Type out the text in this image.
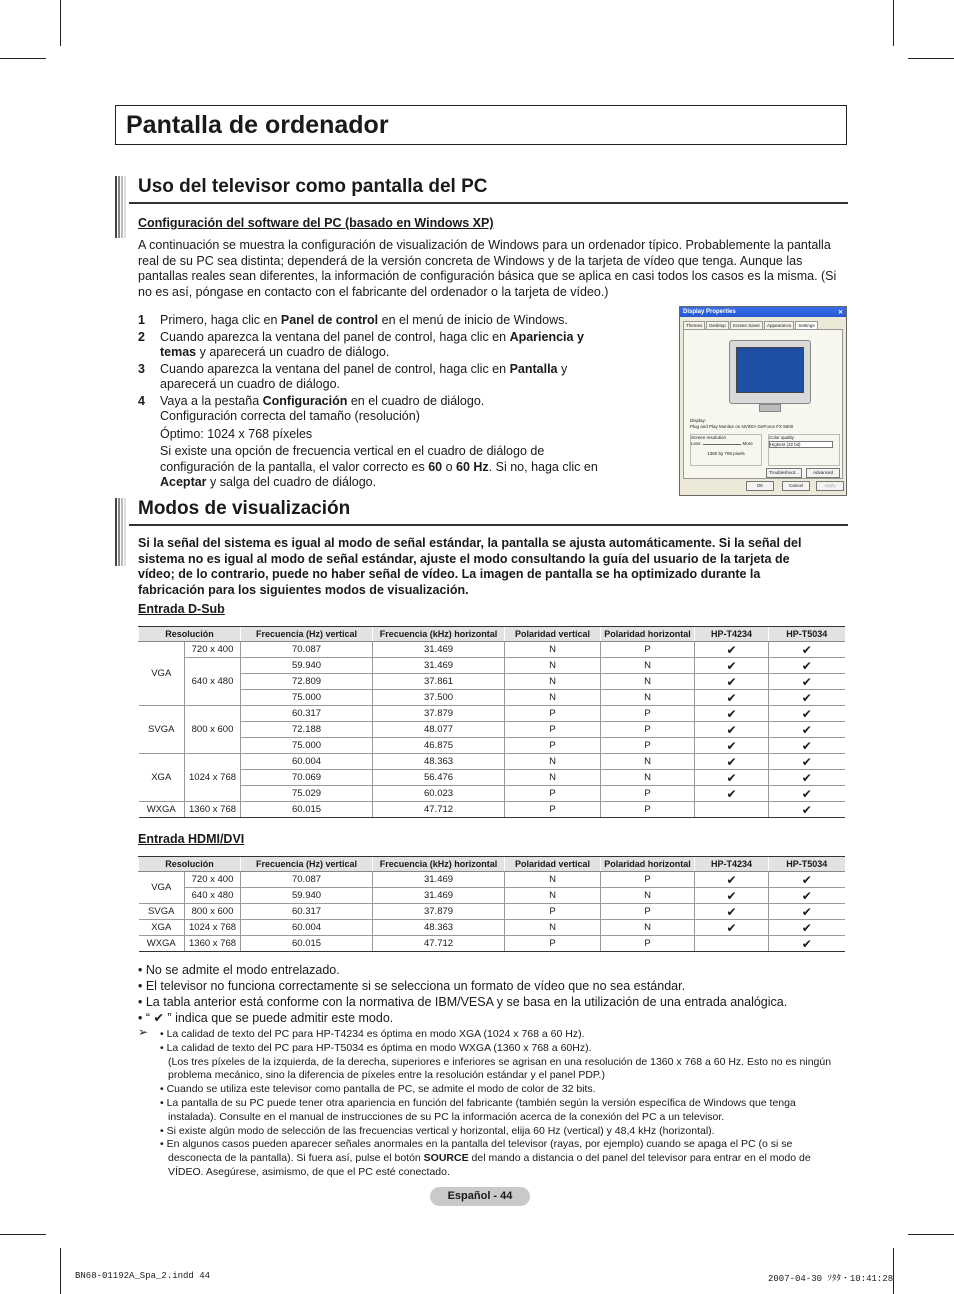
Pantalla de ordenador
Uso del televisor como pantalla del PC
Configuración del software del PC (basado en Windows XP)
A continuación se muestra la configuración de visualización de Windows para un ordenador típico. Probablemente la pantalla real de su PC sea distinta; dependerá de la versión concreta de Windows y de la tarjeta de vídeo que tenga. Aunque las pantallas reales sean diferentes, la información de configuración básica que se aplica en casi todos los casos es la misma. (Si no es así, póngase en contacto con el fabricante del ordenador o la tarjeta de vídeo.)
1 Primero, haga clic en Panel de control en el menú de inicio de Windows.
2 Cuando aparezca la ventana del panel de control, haga clic en Apariencia y temas y aparecerá un cuadro de diálogo.
3 Cuando aparezca la ventana del panel de control, haga clic en Pantalla y aparecerá un cuadro de diálogo.
4 Vaya a la pestaña Configuración en el cuadro de diálogo.
Configuración correcta del tamaño (resolución)
Óptimo: 1024 x 768 píxeles
Si existe una opción de frecuencia vertical en el cuadro de diálogo de configuración de la pantalla, el valor correcto es 60 o 60 Hz. Si no, haga clic en Aceptar y salga del cuadro de diálogo.
Display Properties	✕
Themes Desktop Screen Saver Appearance Settings
Display:
Plug and Play Monitor on NVIDIA GeForce FX 5600
Screen resolution
Less	More
1360 by 768 pixels
Color quality
Highest (32 bit)
Troubleshoot...	Advanced
OK	Cancel	Apply
Modos de visualización
Si la señal del sistema es igual al modo de señal estándar, la pantalla se ajusta automáticamente. Si la señal del sistema no es igual al modo de señal estándar, ajuste el modo consultando la guía del usuario de la tarjeta de vídeo; de lo contrario, puede no haber señal de vídeo. La imagen de pantalla se ha optimizado durante la fabricación para los siguientes modos de visualización.
Entrada D-Sub
Resolución		Frecuencia (Hz) vertical	Frecuencia (kHz) horizontal	Polaridad vertical	Polaridad horizontal	HP-T4234	HP-T5034
VGA	720 x 400	70.087	31.469	N	P	✔	✔
	640 x 480	59.940	31.469	N	N	✔	✔
		72.809	37.861	N	N	✔	✔
		75.000	37.500	N	N	✔	✔
SVGA	800 x 600	60.317	37.879	P	P	✔	✔
		72.188	48.077	P	P	✔	✔
		75.000	46.875	P	P	✔	✔
XGA	1024 x 768	60.004	48.363	N	N	✔	✔
		70.069	56.476	N	N	✔	✔
		75.029	60.023	P	P	✔	✔
WXGA	1360 x 768	60.015	47.712	P	P		✔
Entrada HDMI/DVI
Resolución		Frecuencia (Hz) vertical	Frecuencia (kHz) horizontal	Polaridad vertical	Polaridad horizontal	HP-T4234	HP-T5034
VGA	720 x 400	70.087	31.469	N	P	✔	✔
	640 x 480	59.940	31.469	N	N	✔	✔
SVGA	800 x 600	60.317	37.879	P	P	✔	✔
XGA	1024 x 768	60.004	48.363	N	N	✔	✔
WXGA	1360 x 768	60.015	47.712	P	P		✔
• No se admite el modo entrelazado.
• El televisor no funciona correctamente si se selecciona un formato de vídeo que no sea estándar.
• La tabla anterior está conforme con la normativa de IBM/VESA y se basa en la utilización de una entrada analógica.
• “ ✔ ” indica que se puede admitir este modo.
➢ • La calidad de texto del PC para HP-T4234 es óptima en modo XGA (1024 x 768 a 60 Hz).
• La calidad de texto del PC para HP-T5034 es óptima en modo WXGA (1360 x 768 a 60Hz).
(Los tres píxeles de la izquierda, de la derecha, superiores e inferiores se agrisan en una resolución de 1360 x 768 a 60 Hz. Esto no es ningún problema mecánico, sino la diferencia de píxeles entre la resolución estándar y el panel PDP.)
• Cuando se utiliza este televisor como pantalla de PC, se admite el modo de color de 32 bits.
• La pantalla de su PC puede tener otra apariencia en función del fabricante (también según la versión específica de Windows que tenga instalada). Consulte en el manual de instrucciones de su PC la información acerca de la conexión del PC a un televisor.
• Si existe algún modo de selección de las frecuencias vertical y horizontal, elija 60 Hz (vertical) y 48,4 kHz (horizontal).
• En algunos casos pueden aparecer señales anormales en la pantalla del televisor (rayas, por ejemplo) cuando se apaga el PC (o si se desconecta de la pantalla). Si fuera así, pulse el botón SOURCE del mando a distancia o del panel del televisor para entrar en el modo de VÍDEO. Asegúrese, asimismo, de que el PC esté conectado.
Español - 44
BN68-01192A_Spa_2.indd 44	2007-04-30 ｿﾀﾀ・10:41:28
